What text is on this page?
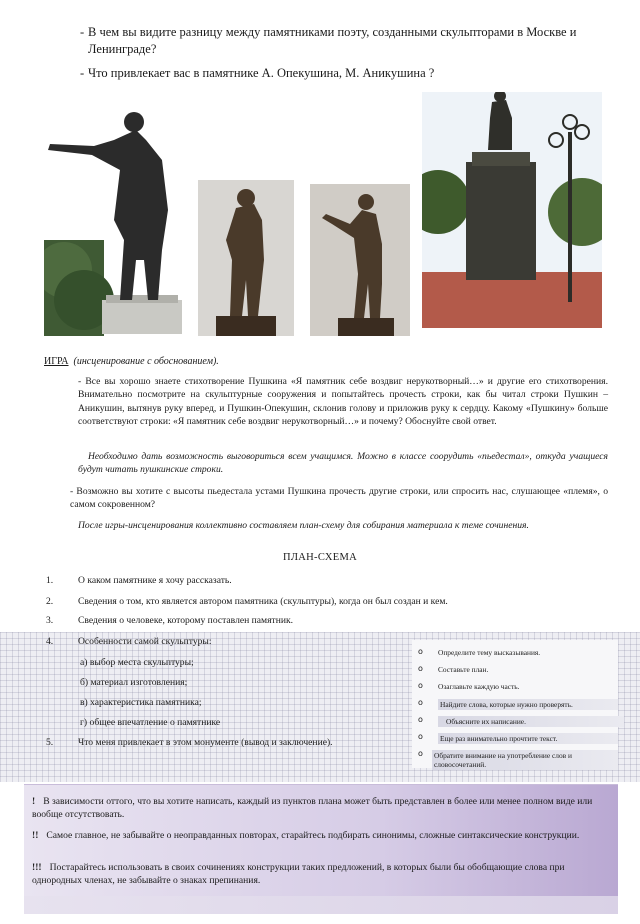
- В чем вы видите разницу между памятниками поэту, созданными скульпторами в Москве и Ленинграде?
- Что привлекает вас в памятнике А. Опекушина, М. Аникушина ?
ИГРА (инсценирование с обоснованием).
- Все вы хорошо знаете стихотворение Пушкина «Я памятник себе воздвиг нерукотворный…» и другие его стихотворения. Внимательно посмотрите на скульптурные сооружения и попытайтесь прочесть строки, как бы читал строки Пушкин – Аникушин, вытянув руку вперед, и Пушкин-Опекушин, склонив голову и приложив руку к сердцу. Какому «Пушкину» больше соответствуют строки: «Я памятник себе воздвиг нерукотворный…» и почему? Обоснуйте свой ответ.
Необходимо дать возможность выговориться всем учащимся. Можно в классе соорудить «пьедестал», откуда учащиеся будут читать пушкинские строки.
- Возможно вы хотите с высоты пьедестала устами Пушкина прочесть другие строки, или спросить нас, слушающее «племя», о самом сокровенном?
После игры-инсценирования коллективно составляем план-схему для собирания материала к теме сочинения.
ПЛАН-СХЕМА
1.	О каком памятнике я хочу рассказать.
2.	Сведения о том, кто является автором памятника (скульптуры), когда он был создан и кем.
3.	Сведения о человеке, которому поставлен памятник.
4.	Особенности самой скульптуры:
а) выбор места скульптуры;
б) материал изготовления;
в) характеристика памятника;
г) общее впечатление о памятнике
5.	Что меня привлекает в этом монументе (вывод и заключение).
o Определите тему высказывания.
o Составьте план.
o Озаглавьте каждую часть.
o Найдите слова, которые нужно проверять.
o	Объясните их написание.
o Еще раз внимательно прочтите текст.
o Обратите внимание на употребление слов и словосочетаний.
! В зависимости оттого, что вы хотите написать, каждый из пунктов плана может быть представлен в более или менее полном виде или вообще отсутствовать.
!! Самое главное, не забывайте о неоправданных повторах, старайтесь подбирать синонимы, сложные синтаксические конструкции.
!!! Постарайтесь использовать в своих сочинениях конструкции таких предложений, в которых были бы обобщающие слова при однородных членах, не забывайте о знаках препинания.
